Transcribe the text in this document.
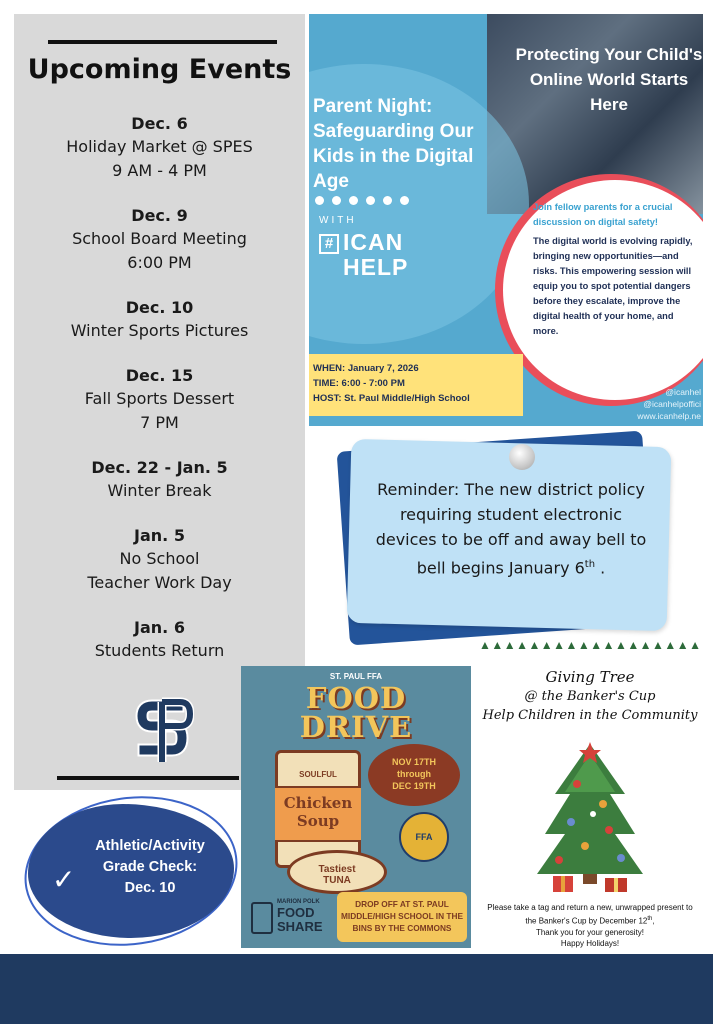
Upcoming Events
Dec. 6
Holiday Market @ SPES
9 AM - 4 PM
Dec. 9
School Board Meeting
6:00 PM
Dec. 10
Winter Sports Pictures
Dec. 15
Fall Sports Dessert
7 PM
Dec. 22 - Jan. 5
Winter Break
Jan. 5
No School
Teacher Work Day
Jan. 6
Students Return
Parent Night: Safeguarding Our Kids in the Digital Age
WITH
# ICAN
HELP
Protecting Your Child's Online World Starts Here
Join fellow parents for a crucial discussion on digital safety!
The digital world is evolving rapidly, bringing new opportunities—and risks. This empowering session will equip you to spot potential dangers before they escalate, improve the digital health of your home, and more.
WHEN: January 7, 2026
TIME: 6:00 - 7:00 PM
HOST: St. Paul Middle/High School
@icanhel
@icanhelpoffici
www.icanhelp.ne
Reminder: The new district policy requiring student electronic devices to be off and away bell to bell begins January 6th .
ST. PAUL FFA
FOOD
DRIVE
SOULFUL
Chicken
Soup
Tastiest
TUNA
NOV 17TH
through
DEC 19TH
FFA
MARION POLK
FOOD
SHARE
DROP OFF AT ST. PAUL MIDDLE/HIGH SCHOOL IN THE BINS BY THE COMMONS
▲ ▲ ▲ ▲ ▲ ▲ ▲ ▲ ▲ ▲ ▲ ▲ ▲ ▲ ▲ ▲ ▲ ▲
Giving Tree
@ the Banker's Cup
Help Children in the Community
Please take a tag and return a new, unwrapped present to the Banker's Cup by December 12th,
Thank you for your generosity!
Happy Holidays!
Athletic/Activity
Grade Check:
Dec. 10
✓
